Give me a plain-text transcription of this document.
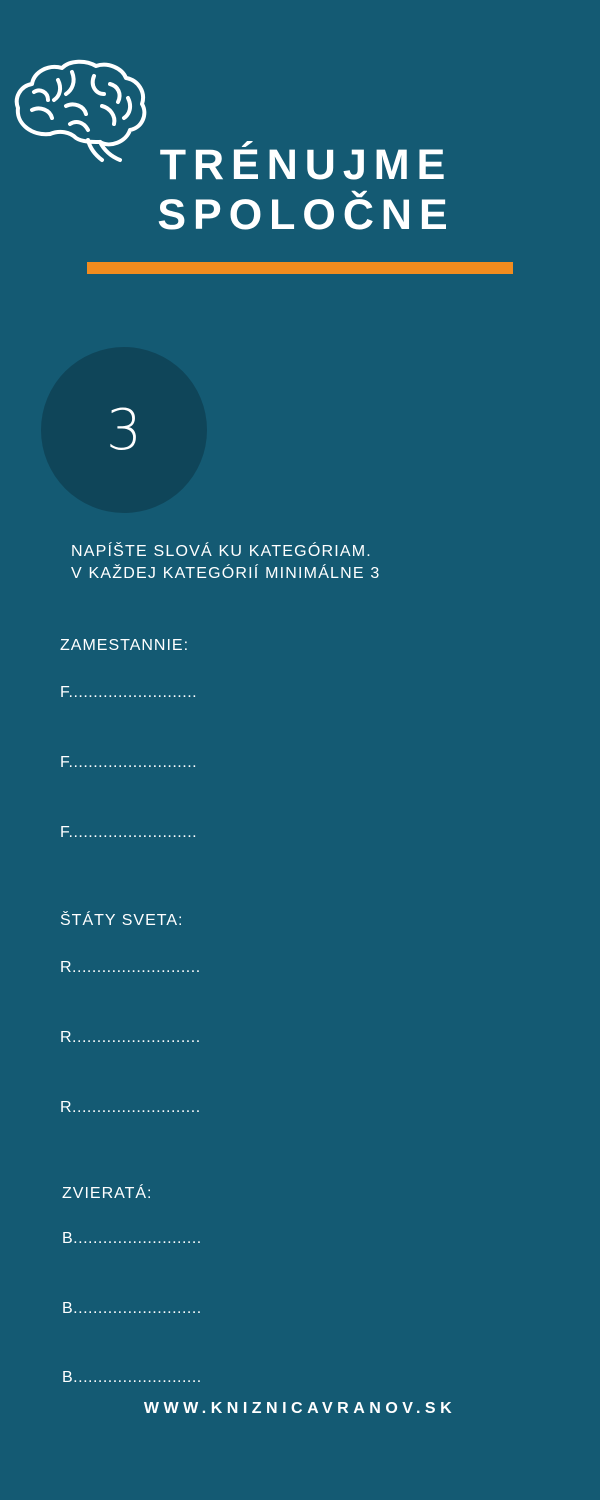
TRÉNUJME
SPOLOČNE
3
NAPÍŠTE SLOVÁ KU KATEGÓRIAM.
V KAŽDEJ KATEGÓRIÍ MINIMÁLNE 3
ZAMESTANNIE:
F..........................
F..........................
F..........................
ŠTÁTY SVETA:
R..........................
R..........................
R..........................
ZVIERATÁ:
B..........................
B..........................
B..........................
WWW.KNIZNICAVRANOV.SK
